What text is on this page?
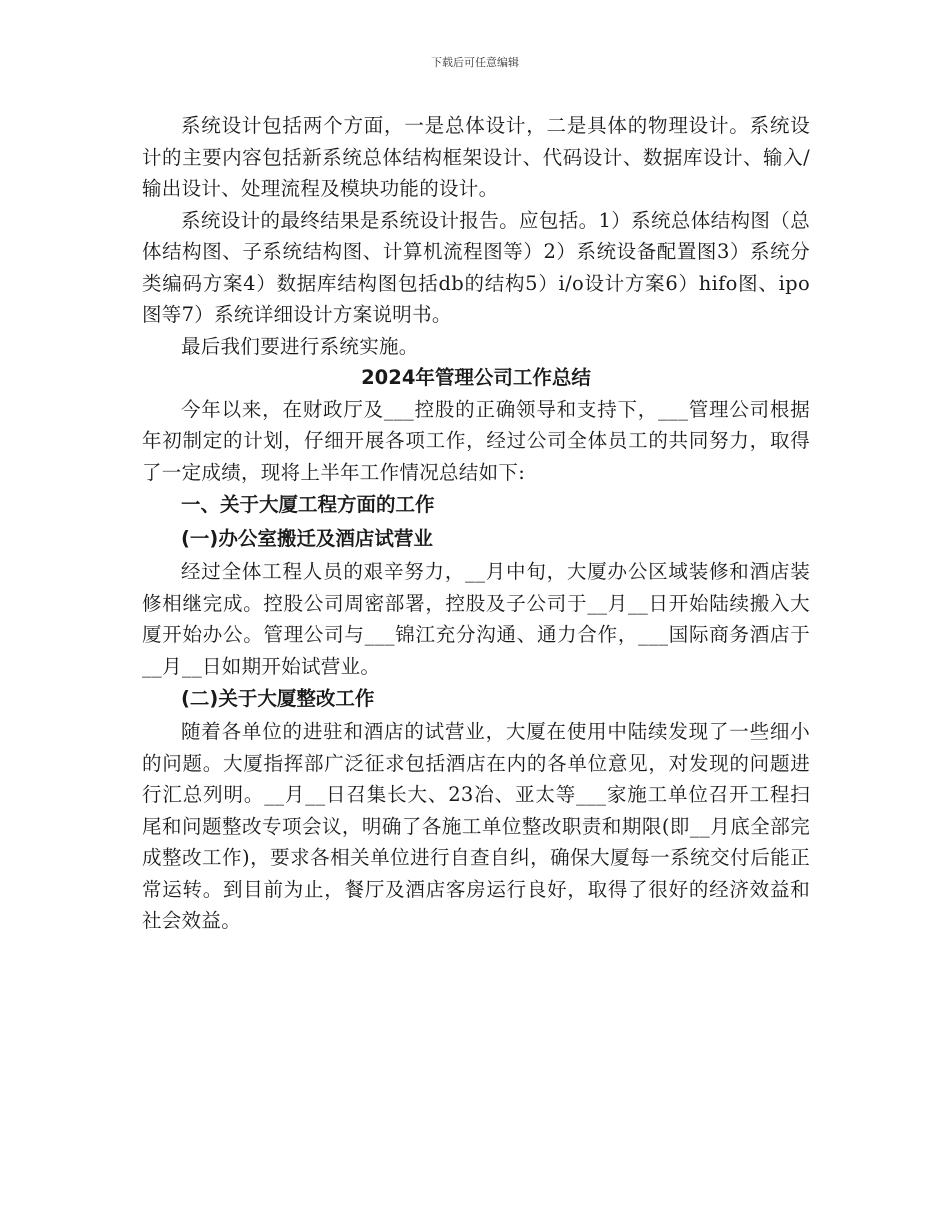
下载后可任意编辑

系统设计包括两个方面，一是总体设计，二是具体的物理设计。系统设计的主要内容包括新系统总体结构框架设计、代码设计、数据库设计、输入/输出设计、处理流程及模块功能的设计。

系统设计的最终结果是系统设计报告。应包括。1）系统总体结构图（总体结构图、子系统结构图、计算机流程图等）2）系统设备配置图3）系统分类编码方案4）数据库结构图包括db的结构5）i/o设计方案6）hifo图、ipo图等7）系统详细设计方案说明书。

最后我们要进行系统实施。

2024年管理公司工作总结

今年以来，在财政厅及___控股的正确领导和支持下，___管理公司根据年初制定的计划，仔细开展各项工作，经过公司全体员工的共同努力，取得了一定成绩，现将上半年工作情况总结如下:

一、关于大厦工程方面的工作
(一)办公室搬迁及酒店试营业

经过全体工程人员的艰辛努力，__月中旬，大厦办公区域装修和酒店装修相继完成。控股公司周密部署，控股及子公司于__月__日开始陆续搬入大厦开始办公。管理公司与___锦江充分沟通、通力合作，___国际商务酒店于__月__日如期开始试营业。

(二)关于大厦整改工作

随着各单位的进驻和酒店的试营业，大厦在使用中陆续发现了一些细小的问题。大厦指挥部广泛征求包括酒店在内的各单位意见，对发现的问题进行汇总列明。__月__日召集长大、23冶、亚太等___家施工单位召开工程扫尾和问题整改专项会议，明确了各施工单位整改职责和期限(即__月底全部完成整改工作)，要求各相关单位进行自查自纠，确保大厦每一系统交付后能正常运转。到目前为止，餐厅及酒店客房运行良好，取得了很好的经济效益和社会效益。
